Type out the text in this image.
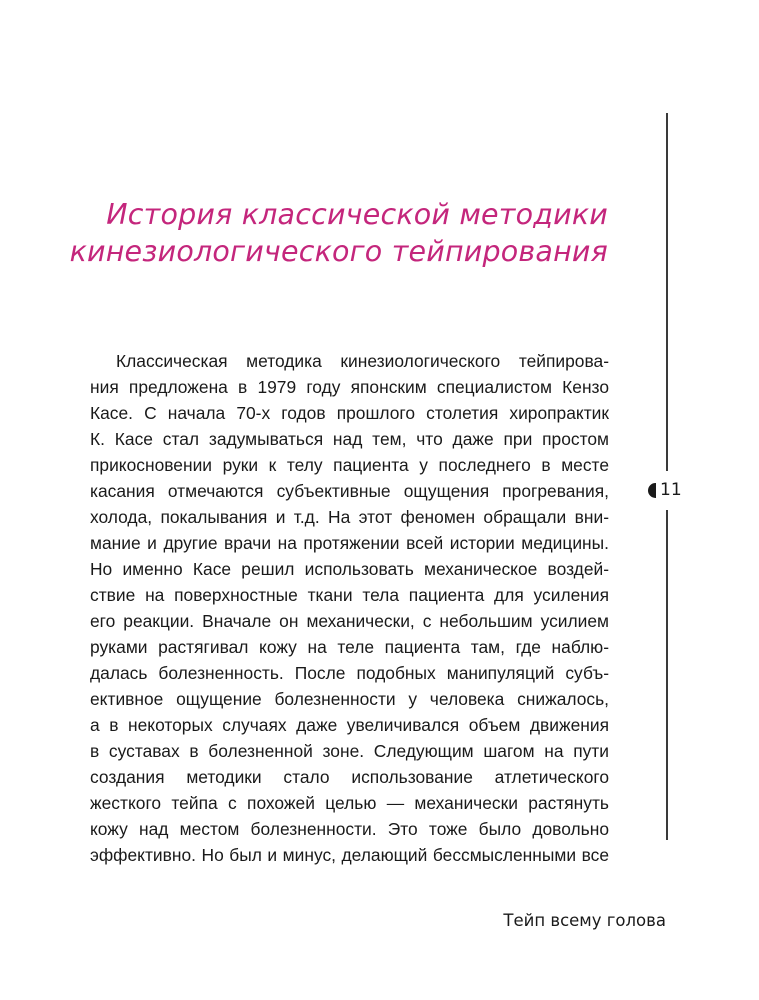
История классической методики
кинезиологического тейпирования
11
Классическая методика кинезиологического тейпирова-
ния предложена в 1979 году японским специалистом Кензо
Касе. С начала 70-х годов прошлого столетия хиропрактик
К. Касе стал задумываться над тем, что даже при простом
прикосновении руки к телу пациента у последнего в месте
касания отмечаются субъективные ощущения прогревания,
холода, покалывания и т.д. На этот феномен обращали вни-
мание и другие врачи на протяжении всей истории медицины.
Но именно Касе решил использовать механическое воздей-
ствие на поверхностные ткани тела пациента для усиления
его реакции. Вначале он механически, с небольшим усилием
руками растягивал кожу на теле пациента там, где наблю-
далась болезненность. После подобных манипуляций субъ-
ективное ощущение болезненности у человека снижалось,
а в некоторых случаях даже увеличивался объем движения
в суставах в болезненной зоне. Следующим шагом на пути
создания методики стало использование атлетического
жесткого тейпа с похожей целью — механически растянуть
кожу над местом болезненности. Это тоже было довольно
эффективно. Но был и минус, делающий бессмысленными все
Тейп всему голова
